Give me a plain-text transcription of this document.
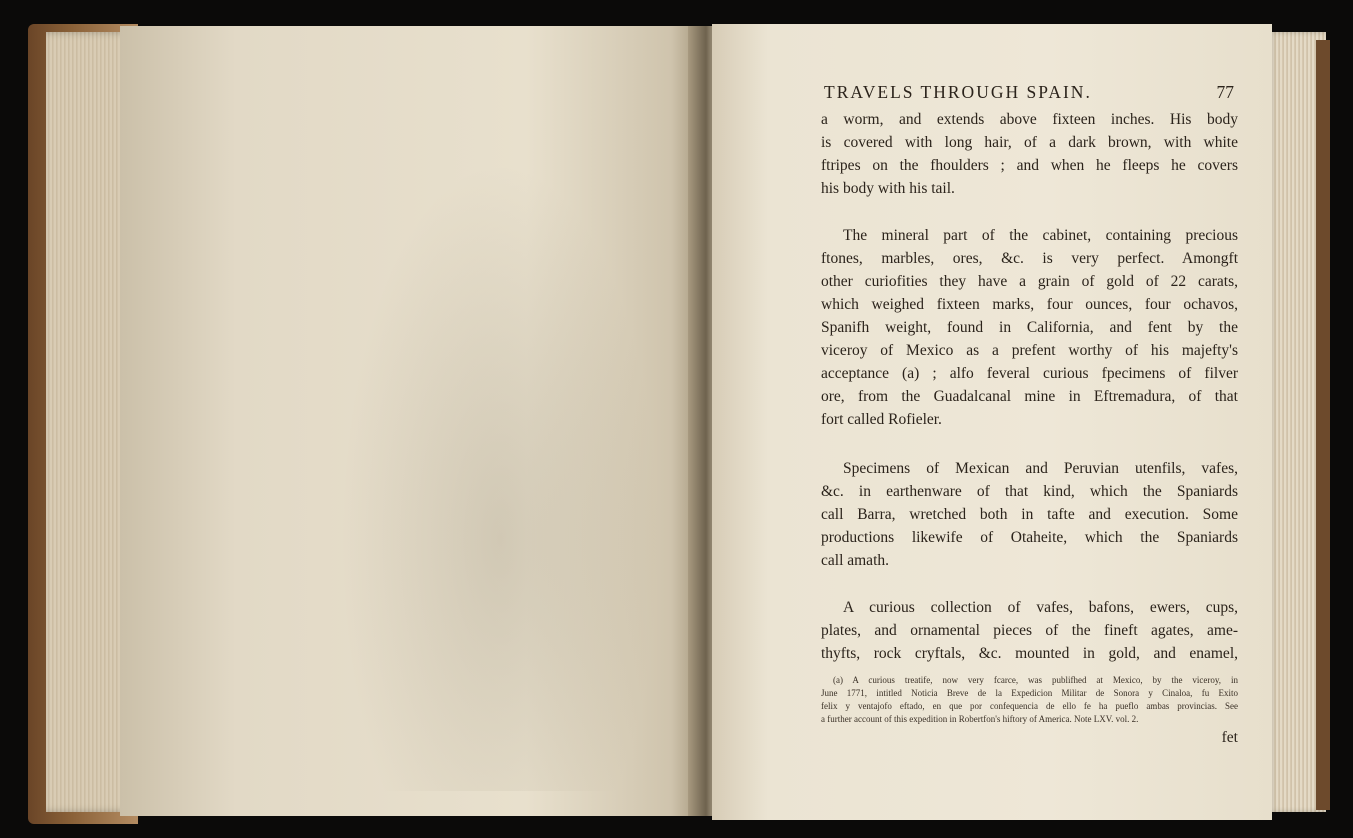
TRAVELS THROUGH SPAIN.	77
a worm, and extends above fixteen inches. His body
is covered with long hair, of a dark brown, with white
ftripes on the fhoulders ; and when he fleeps he covers
his body with his tail.
The mineral part of the cabinet, containing precious
ftones, marbles, ores, &c. is very perfect. Amongft
other curiofities they have a grain of gold of 22 carats,
which weighed fixteen marks, four ounces, four ochavos,
Spanifh weight, found in California, and fent by the
viceroy of Mexico as a prefent worthy of his majefty's
acceptance (a) ; alfo feveral curious fpecimens of filver
ore, from the Guadalcanal mine in Eftremadura, of that
fort called Rofieler.
Specimens of Mexican and Peruvian utenfils, vafes,
&c. in earthenware of that kind, which the Spaniards
call Barra, wretched both in tafte and execution. Some
productions likewife of Otaheite, which the Spaniards
call amath.
A curious collection of vafes, bafons, ewers, cups,
plates, and ornamental pieces of the fineft agates, ame-
thyfts, rock cryftals, &c. mounted in gold, and enamel,
(a) A curious treatife, now very fcarce, was publifhed at Mexico, by the viceroy, in
June 1771, intitled Noticia Breve de la Expedicion Militar de Sonora y Cinaloa, fu Exito
felix y ventajofo eftado, en que por confequencia de ello fe ha pueflo ambas provincias. See
a further account of this expedition in Robertfon's hiftory of America. Note LXV. vol. 2.
fet
